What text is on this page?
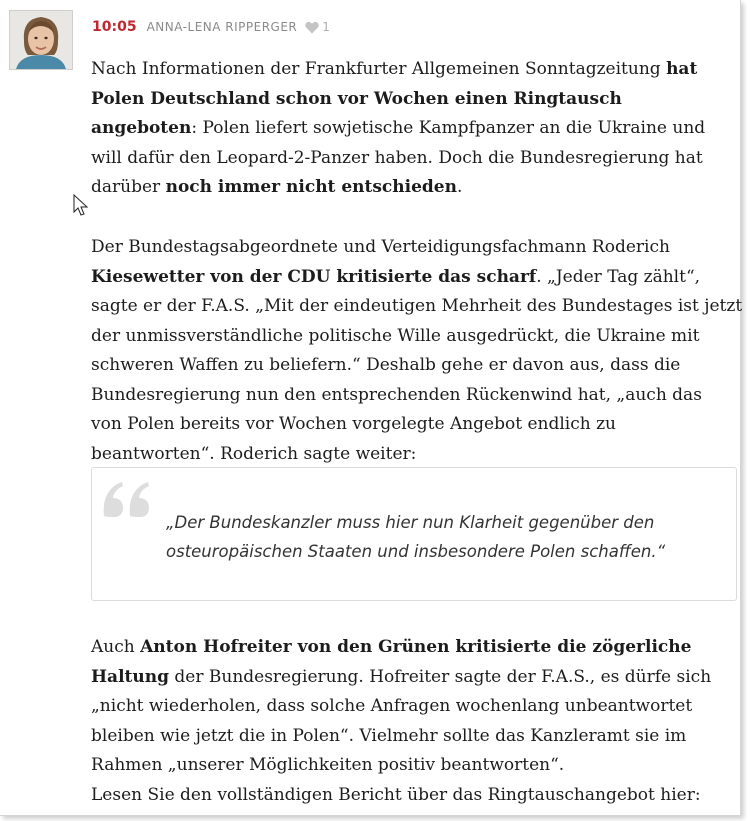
10:05 ANNA-LENA RIPPERGER 1
Nach Informationen der Frankfurter Allgemeinen Sonntagzeitung hat
Polen Deutschland schon vor Wochen einen Ringtausch
angeboten: Polen liefert sowjetische Kampfpanzer an die Ukraine und
will dafür den Leopard-2-Panzer haben. Doch die Bundesregierung hat
darüber noch immer nicht entschieden.
Der Bundestagsabgeordnete und Verteidigungsfachmann Roderich
Kiesewetter von der CDU kritisierte das scharf. „Jeder Tag zählt“,
sagte er der F.A.S. „Mit der eindeutigen Mehrheit des Bundestages ist jetzt
der unmissverständliche politische Wille ausgedrückt, die Ukraine mit
schweren Waffen zu beliefern.“ Deshalb gehe er davon aus, dass die
Bundesregierung nun den entsprechenden Rückenwind hat, „auch das
von Polen bereits vor Wochen vorgelegte Angebot endlich zu
beantworten“. Roderich sagte weiter:
„Der Bundeskanzler muss hier nun Klarheit gegenüber den
osteuropäischen Staaten und insbesondere Polen schaffen.“
Auch Anton Hofreiter von den Grünen kritisierte die zögerliche
Haltung der Bundesregierung. Hofreiter sagte der F.A.S., es dürfe sich
„nicht wiederholen, dass solche Anfragen wochenlang unbeantwortet
bleiben wie jetzt die in Polen“. Vielmehr sollte das Kanzleramt sie im
Rahmen „unserer Möglichkeiten positiv beantworten“.
Lesen Sie den vollständigen Bericht über das Ringtauschangebot hier:
